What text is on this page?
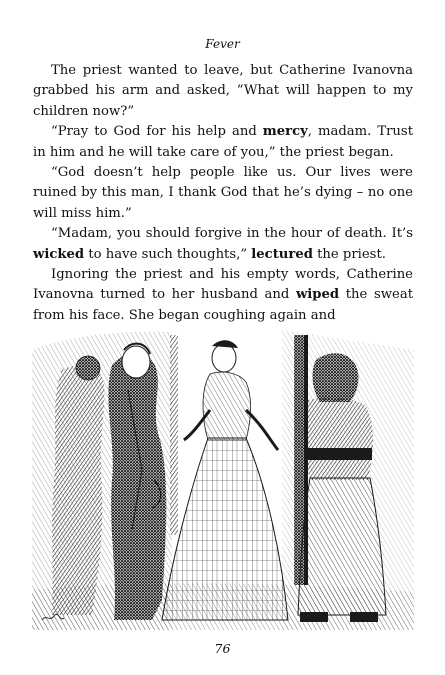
Fever

The priest wanted to leave, but Catherine Ivanovna grabbed his arm and asked, “What will happen to my children now?”

“Pray to God for his help and mercy, madam. Trust in him and he will take care of you,” the priest began.

“God doesn’t help people like us. Our lives were ruined by this man, I thank God that he’s dying – no one will miss him.”

“Madam, you should forgive in the hour of death. It’s wicked to have such thoughts,” lectured the priest.

Ignoring the priest and his empty words, Catherine Ivanovna turned to her husband and wiped the sweat from his face. She began coughing again and

76
